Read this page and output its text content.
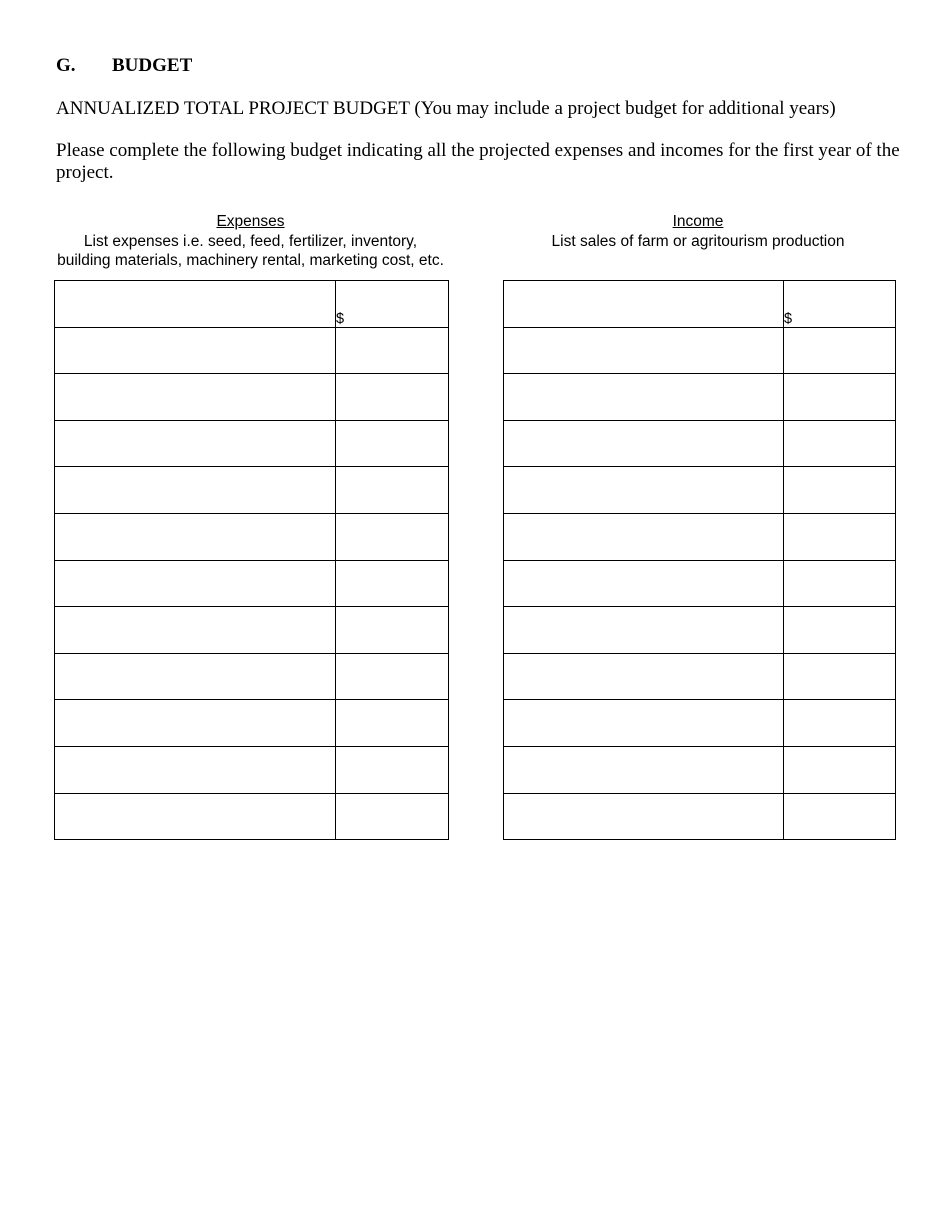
G.	BUDGET
ANNUALIZED TOTAL PROJECT BUDGET (You may include a project budget for additional years)
Please complete the following budget indicating all the projected expenses and incomes for the first year of the project.
Expenses
List expenses i.e. seed, feed, fertilizer, inventory,
building materials, machinery rental, marketing cost, etc.
Income
List sales of farm or agritourism production
	$

		$
